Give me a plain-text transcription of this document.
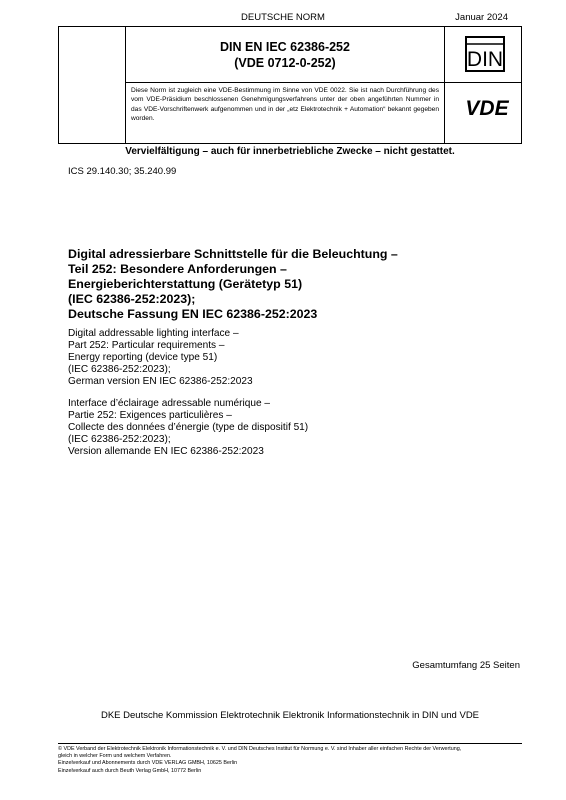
DEUTSCHE NORM	Januar 2024
DIN EN IEC 62386-252
(VDE 0712-0-252)
Diese Norm ist zugleich eine VDE-Bestimmung im Sinne von VDE 0022. Sie ist nach Durchführung des vom VDE-Präsidium beschlossenen Genehmigungsverfahrens unter der oben angeführten Nummer in das VDE-Vorschriftenwerk aufgenommen und in der „etz Elektrotechnik + Automation“ bekannt gegeben worden.
DIN
VDE
Vervielfältigung – auch für innerbetriebliche Zwecke – nicht gestattet.
ICS 29.140.30; 35.240.99
Digital adressierbare Schnittstelle für die Beleuchtung –
Teil 252: Besondere Anforderungen –
Energieberichterstattung (Gerätetyp 51)
(IEC 62386-252:2023);
Deutsche Fassung EN IEC 62386-252:2023
Digital addressable lighting interface –
Part 252: Particular requirements –
Energy reporting (device type 51)
(IEC 62386-252:2023);
German version EN IEC 62386-252:2023
Interface d’éclairage adressable numérique –
Partie 252: Exigences particulières –
Collecte des données d’énergie (type de dispositif 51)
(IEC 62386-252:2023);
Version allemande EN IEC 62386-252:2023
Gesamtumfang 25 Seiten
DKE Deutsche Kommission Elektrotechnik Elektronik Informationstechnik in DIN und VDE
© VDE Verband der Elektrotechnik Elektronik Informationstechnik e. V. und DIN Deutsches Institut für Normung e. V. sind Inhaber aller einfachen Rechte der Verwertung,
gleich in welcher Form und welchem Verfahren.
Einzelverkauf und Abonnements durch VDE VERLAG GMBH, 10625 Berlin
Einzelverkauf auch durch Beuth Verlag GmbH, 10772 Berlin
